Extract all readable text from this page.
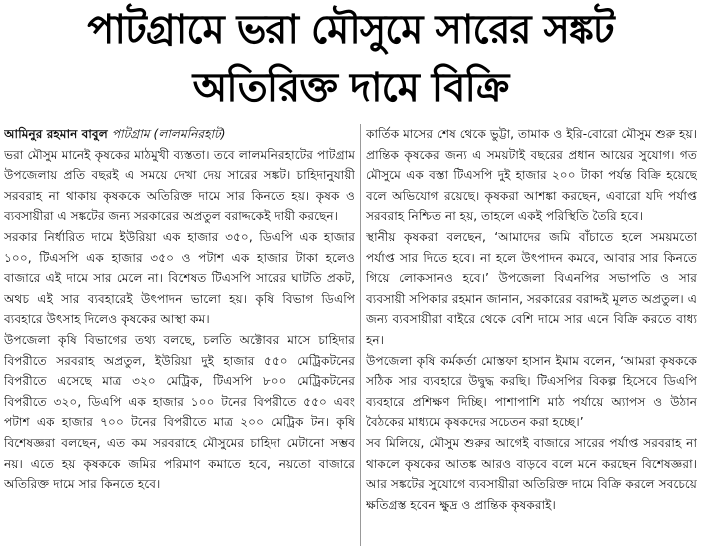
পাটগ্রামে ভরা মৌসুমে সারের সঙ্কট
অতিরিক্ত দামে বিক্রি
আমিনুর রহমান বাবুল পাটগ্রাম (লালমনিরহাট)

ভরা মৌসুম মানেই কৃষকের মাঠমুখী ব্যস্ততা। তবে লালমনিরহাটের পাটগ্রাম উপজেলায় প্রতি বছরই এ সময়ে দেখা দেয় সারের সঙ্কট। চাহিদানুযায়ী সরবরাহ না থাকায় কৃষককে অতিরিক্ত দামে সার কিনতে হয়। কৃষক ও ব্যবসায়ীরা এ সঙ্কটের জন্য সরকারের অপ্রতুল বরাদ্দকেই দায়ী করছেন।

সরকার নির্ধারিত দামে ইউরিয়া এক হাজার ৩৫০, ডিএপি এক হাজার ১০০, টিএসপি এক হাজার ৩৫০ ও পটাশ এক হাজার টাকা হলেও বাজারে এই দামে সার মেলে না। বিশেষত টিএসপি সারের ঘাটতি প্রকট, অথচ এই সার ব্যবহারেই উৎপাদন ভালো হয়। কৃষি বিভাগ ডিএপি ব্যবহারে উৎসাহ দিলেও কৃষকের আস্থা কম।

উপজেলা কৃষি বিভাগের তথ্য বলছে, চলতি অক্টোবর মাসে চাহিদার বিপরীতে সরবরাহ অপ্রতুল, ইউরিয়া দুই হাজার ৫৫০ মেট্রিকটনের বিপরীতে এসেছে মাত্র ৩২০ মেট্রিক, টিএসপি ৮০০ মেট্রিকটনের বিপরীতে ৩২০, ডিএপি এক হাজার ১০০ টনের বিপরীতে ৫৫০ এবং পটাশ এক হাজার ৭০০ টনের বিপরীতে মাত্র ২০০ মেট্রিক টন। কৃষি বিশেষজ্ঞরা বলছেন, এত কম সরবরাহে মৌসুমের চাহিদা মেটানো সম্ভব নয়। এতে হয় কৃষককে জমির পরিমাণ কমাতে হবে, নয়তো বাজারে অতিরিক্ত দামে সার কিনতে হবে।

কার্তিক মাসের শেষ থেকে ভুট্টা, তামাক ও ইরি-বোরো মৌসুম শুরু হয়। প্রান্তিক কৃষকের জন্য এ সময়টাই বছরের প্রধান আয়ের সুযোগ। গত মৌসুমে এক বস্তা টিএসপি দুই হাজার ২০০ টাকা পর্যন্ত বিক্রি হয়েছে বলে অভিযোগ রয়েছে। কৃষকরা আশঙ্কা করছেন, এবারো যদি পর্যাপ্ত সরবরাহ নিশ্চিত না হয়, তাহলে একই পরিস্থিতি তৈরি হবে।

স্থানীয় কৃষকরা বলছেন, ‘আমাদের জমি বাঁচাতে হলে সময়মতো পর্যাপ্ত সার দিতে হবে। না হলে উৎপাদন কমবে, আবার সার কিনতে গিয়ে লোকসানও হবে।’ উপজেলা বিএনপির সভাপতি ও সার ব্যবসায়ী সপিকার রহমান জানান, সরকারের বরাদ্দই মূলত অপ্রতুল। এ জন্য ব্যবসায়ীরা বাইরে থেকে বেশি দামে সার এনে বিক্রি করতে বাধ্য হন।

উপজেলা কৃষি কর্মকর্তা মোস্তফা হাসান ইমাম বলেন, ‘আমরা কৃষককে সঠিক সার ব্যবহারে উদ্বুদ্ধ করছি। টিএসপির বিকল্প হিসেবে ডিএপি ব্যবহারে প্রশিক্ষণ দিচ্ছি। পাশাপাশি মাঠ পর্যায়ে অ্যাপস ও উঠান বৈঠকের মাধ্যমে কৃষকদের সচেতন করা হচ্ছে।’

সব মিলিয়ে, মৌসুম শুরুর আগেই বাজারে সারের পর্যাপ্ত সরবরাহ না থাকলে কৃষকের আতঙ্ক আরও বাড়বে বলে মনে করছেন বিশেষজ্ঞরা। আর সঙ্কটের সুযোগে ব্যবসায়ীরা অতিরিক্ত দামে বিক্রি করলে সবচেয়ে ক্ষতিগ্রস্ত হবেন ক্ষুদ্র ও প্রান্তিক কৃষকরাই।
